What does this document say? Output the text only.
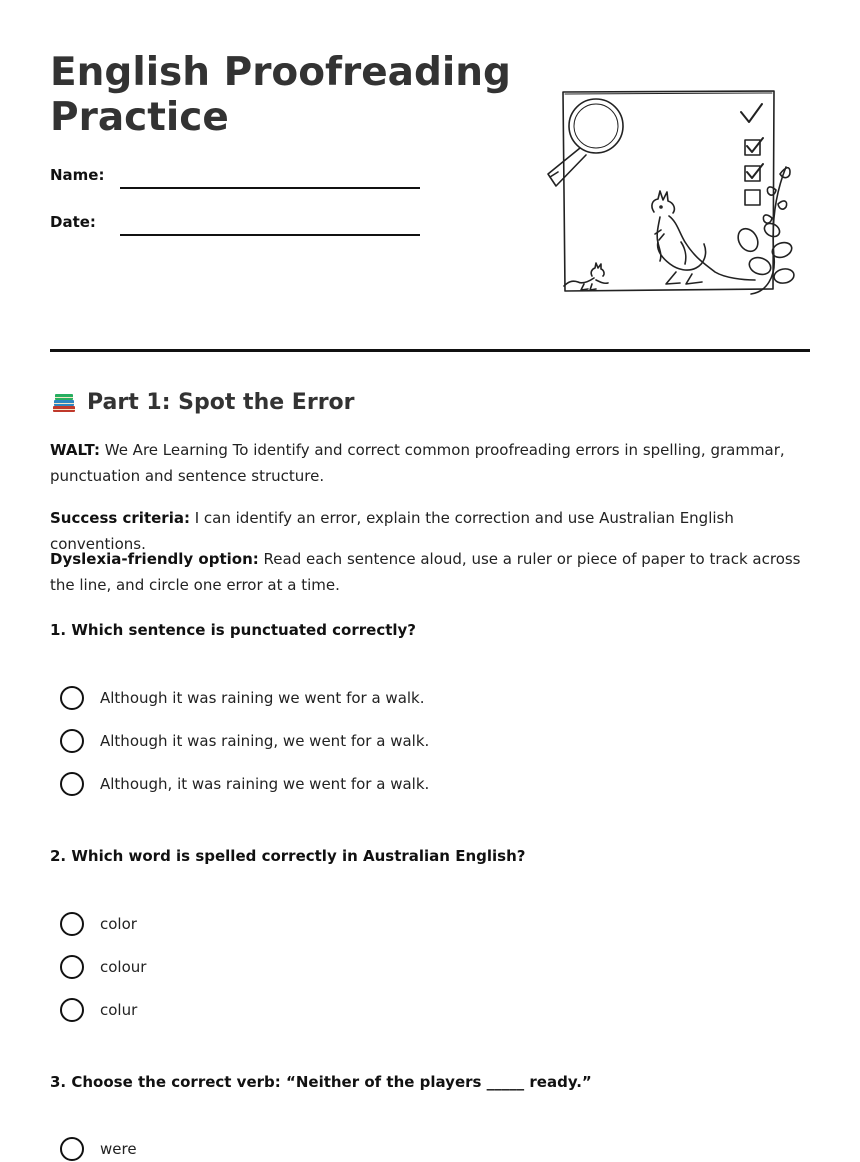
English Proofreading
Practice
Name:
Date:
Part 1: Spot the Error

WALT: We Are Learning To identify and correct common proofreading errors in spelling, grammar, punctuation and sentence structure.

Success criteria: I can identify an error, explain the correction and use Australian English conventions.

Dyslexia-friendly option: Read each sentence aloud, use a ruler or piece of paper to track across the line, and circle one error at a time.

1. Which sentence is punctuated correctly?

Although it was raining we went for a walk.
Although it was raining, we went for a walk.
Although, it was raining we went for a walk.

2. Which word is spelled correctly in Australian English?

color
colour
colur

3. Choose the correct verb: “Neither of the players _____ ready.”

were
